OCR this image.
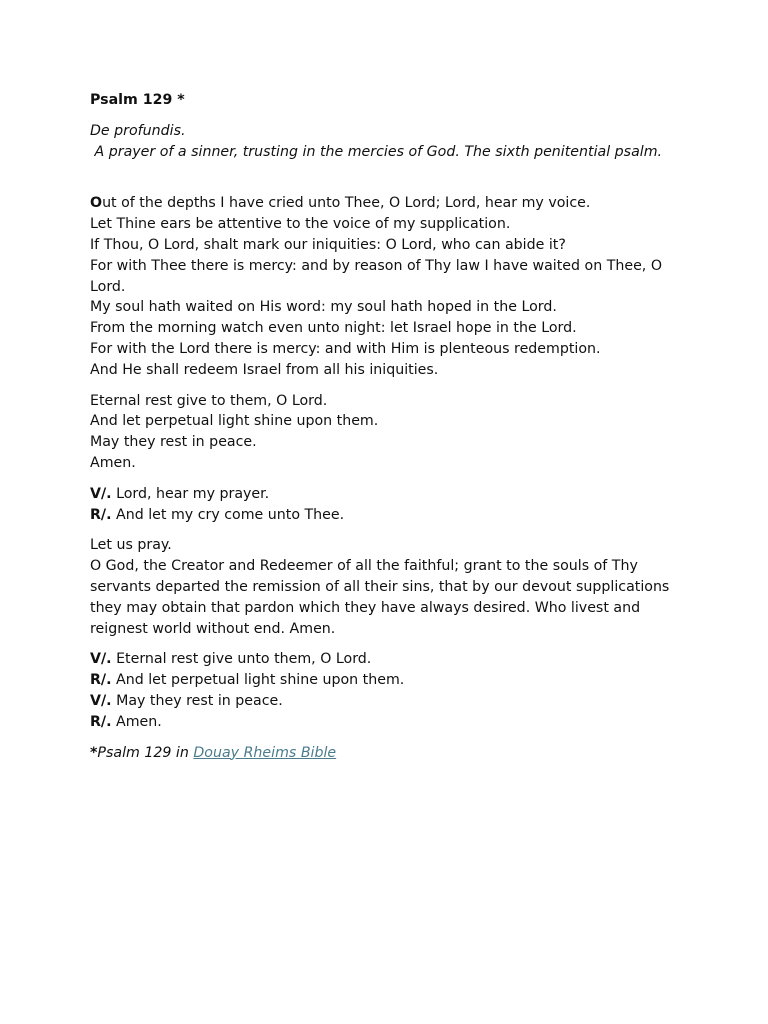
Psalm 129 *

De profundis.
A prayer of a sinner, trusting in the mercies of God. The sixth penitential psalm.
Out of the depths I have cried unto Thee, O Lord; Lord, hear my voice.
Let Thine ears be attentive to the voice of my supplication.
If Thou, O Lord, shalt mark our iniquities: O Lord, who can abide it?
For with Thee there is mercy: and by reason of Thy law I have waited on Thee, O Lord.
My soul hath waited on His word: my soul hath hoped in the Lord.
From the morning watch even unto night: let Israel hope in the Lord.
For with the Lord there is mercy: and with Him is plenteous redemption.
And He shall redeem Israel from all his iniquities.
Eternal rest give to them, O Lord.
And let perpetual light shine upon them.
May they rest in peace.
Amen.
V/. Lord, hear my prayer.
R/. And let my cry come unto Thee.
Let us pray.
O God, the Creator and Redeemer of all the faithful; grant to the souls of Thy servants departed the remission of all their sins, that by our devout supplications they may obtain that pardon which they have always desired. Who livest and reignest world without end. Amen.
V/. Eternal rest give unto them, O Lord.
R/. And let perpetual light shine upon them.
V/. May they rest in peace.
R/. Amen.
*Psalm 129 in Douay Rheims Bible
